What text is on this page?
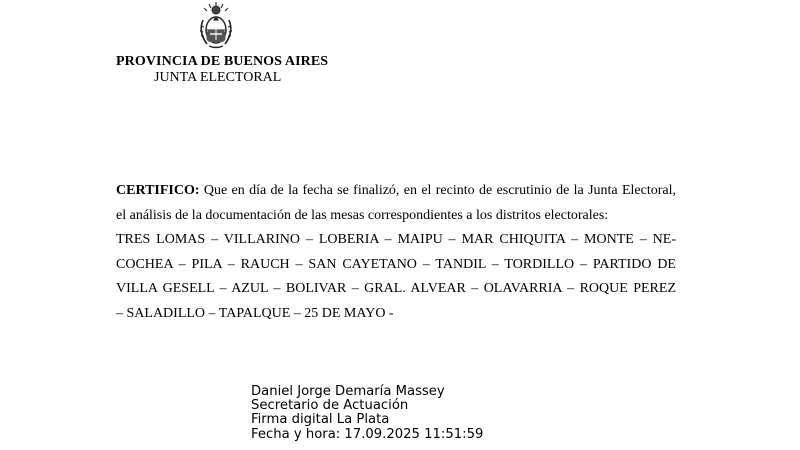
PROVINCIA DE BUENOS AIRES
JUNTA ELECTORAL
CERTIFICO: Que en día de la fecha se finalizó, en el recinto de escrutinio de la Junta Electoral,
el análisis de la documentación de las mesas correspondientes a los distritos electorales:
TRES LOMAS – VILLARINO – LOBERIA – MAIPU – MAR CHIQUITA – MONTE – NE-
COCHEA – PILA – RAUCH – SAN CAYETANO – TANDIL – TORDILLO – PARTIDO DE
VILLA GESELL – AZUL – BOLIVAR – GRAL. ALVEAR – OLAVARRIA – ROQUE PEREZ
– SALADILLO – TAPALQUE – 25 DE MAYO -
Daniel Jorge Demaría Massey
Secretario de Actuación
Firma digital La Plata
Fecha y hora: 17.09.2025 11:51:59
